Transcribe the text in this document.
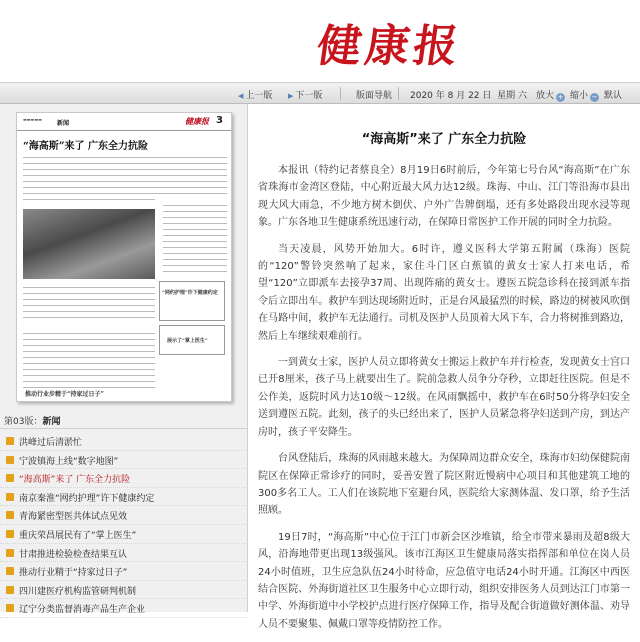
健康报
◀ 上一版 ▶ 下一版	版面导航 2020 年 8 月 22 日 星期 六 放大 + 缩小 − 默认
▬▬▬▬▬
新闻	健康报 3
“海高斯”来了 广东全力抗险
“网约护理”许下健康约定
展示了“掌上医生”
推动行业步精于“持家过日子”
第03版：新闻
洪峰过后清淤忙
宁波镇海上线“数字地图”
“海高斯”来了 广东全力抗险
南京秦淮“网约护理”许下健康约定
青海紧密型医共体试点见效
重庆荣昌展民有了“掌上医生”
甘肃推进检验检查结果互认
推动行业精于“持家过日子”
四川建医疗机构监管研判机制
辽宁分类监督消毒产品生产企业
“海高斯”来了 广东全力抗险

本报讯（特约记者蔡良全）8月19日6时前后，今年第七号台风“海高斯”在广东省珠海市金湾区登陆，中心附近最大风力达12级。珠海、中山、江门等沿海市县出现大风大雨急，不少地方树木倒伏、户外广告牌倒塌，还有多处路段出现水浸等现象。广东各地卫生健康系统迅速行动，在保障日常医护工作开展的同时全力抗险。

当天凌晨，风势开始加大。6时许，遵义医科大学第五附属（珠海）医院的“120”警铃突然响了起来，家住斗门区白蕉镇的黄女士家人打来电话，希望“120”立即派车去接孕37周、出现阵痛的黄女士。遵医五院急诊科在接到派车指令后立即出车。救护车到达现场附近时，正是台风最猛烈的时候，路边的树被风吹倒在马路中间，救护车无法通行。司机及医护人员顶着大风下车，合力将树推到路边，然后上车继续艰难前行。

一到黄女士家，医护人员立即将黄女士搬运上救护车并行检查，发现黄女士宫口已开8厘米，孩子马上就要出生了。院前急救人员争分夺秒，立即赶往医院。但是不公作美，返院时风力达10级～12级。在风雨飘摇中，救护车在6时50分将孕妇安全送到遵医五院。此刻，孩子的头已经出来了，医护人员紧急将孕妇送到产房，到达产房时，孩子平安降生。

台风登陆后，珠海的风雨越来越大。为保障周边群众安全，珠海市妇幼保健院南院区在保障正常诊疗的同时，妥善安置了院区附近慢病中心项目和其他建筑工地的300多名工人。工人们在该院地下室避台风，医院给大家测体温、发口罩，给予生活照顾。

19日7时，“海高斯”中心位于江门市新会区沙堆镇，给全市带来暴雨及超8级大风，沿海地带更出现13级强风。该市江海区卫生健康局落实指挥部和单位在岗人员24小时值班，卫生应急队伍24小时待命，应急值守电话24小时开通。江海区中西医结合医院、外海街道社区卫生服务中心立即行动，组织安排医务人员到达江门市第一中学、外海街道中小学校护点进行医疗保障工作，指导及配合街道做好测体温、劝导人员不要聚集、佩戴口罩等疫情防控工作。
